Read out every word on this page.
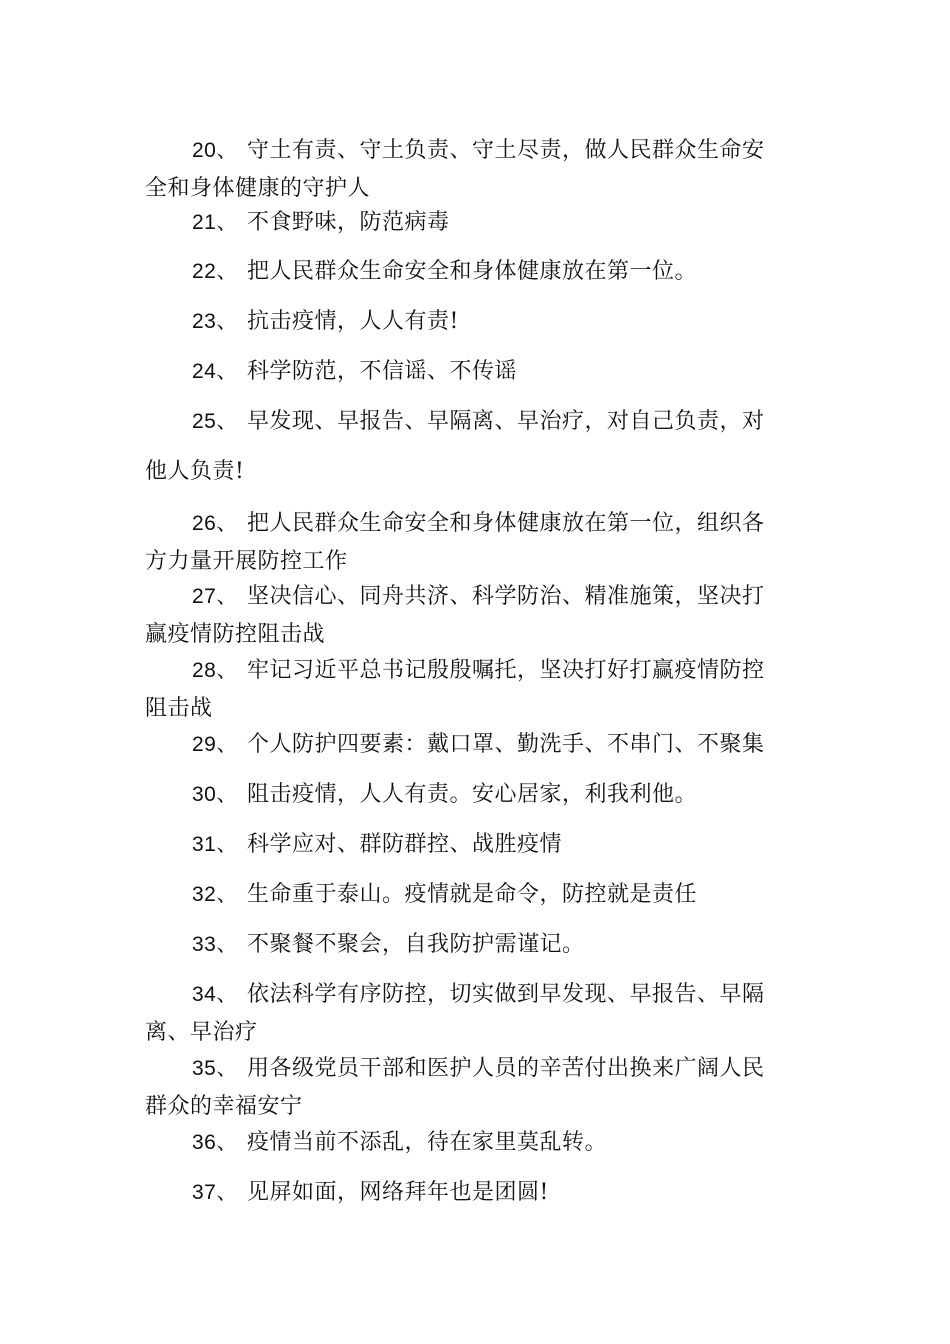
20、 守土有责、守土负责、守土尽责，做人民群众生命安
全和身体健康的守护人
21、 不食野味，防范病毒
22、 把人民群众生命安全和身体健康放在第一位。
23、 抗击疫情，人人有责!
24、 科学防范，不信谣、不传谣
25、 早发现、早报告、早隔离、早治疗，对自己负责，对
他人负责!
26、 把人民群众生命安全和身体健康放在第一位，组织各
方力量开展防控工作
27、 坚决信心、同舟共济、科学防治、精准施策，坚决打
赢疫情防控阻击战
28、 牢记习近平总书记殷殷嘱托，坚决打好打赢疫情防控
阻击战
29、 个人防护四要素：戴口罩、勤洗手、不串门、不聚集
30、 阻击疫情，人人有责。安心居家，利我利他。
31、 科学应对、群防群控、战胜疫情
32、 生命重于泰山。疫情就是命令，防控就是责任
33、 不聚餐不聚会，自我防护需谨记。
34、 依法科学有序防控，切实做到早发现、早报告、早隔
离、早治疗
35、 用各级党员干部和医护人员的辛苦付出换来广阔人民
群众的幸福安宁
36、 疫情当前不添乱，待在家里莫乱转。
37、 见屏如面，网络拜年也是团圆!
